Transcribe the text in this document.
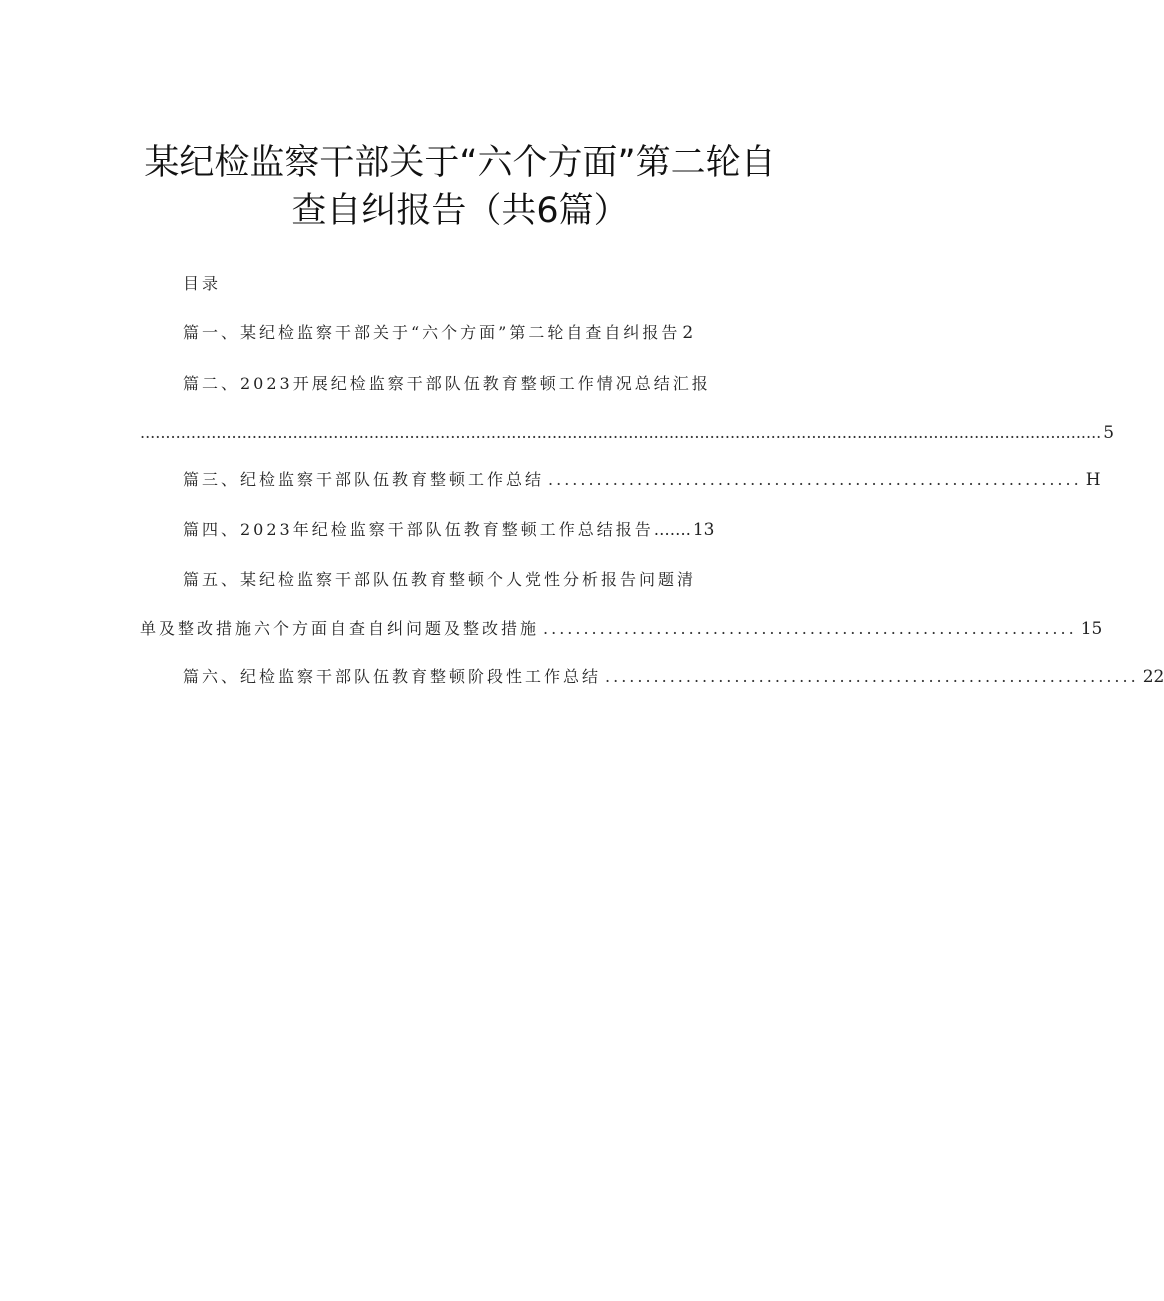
某纪检监察干部关于“六个方面”第二轮自
查自纠报告（共6篇）
目录
篇一、某纪检监察干部关于“六个方面”第二轮自查自纠报告 2
篇二、2023开展纪检监察干部队伍教育整顿工作情况总结汇报
............................................................................................................................................................................................. 5
篇三、纪检监察干部队伍教育整顿工作总结 .................................................................. H
篇四、2023年纪检监察干部队伍教育整顿工作总结报告 …… . 13
篇五、某纪检监察干部队伍教育整顿个人党性分析报告问题清
单及整改措施六个方面自查自纠问题及整改措施 .................................................................. 15
篇六、纪检监察干部队伍教育整顿阶段性工作总结 .................................................................. 22
